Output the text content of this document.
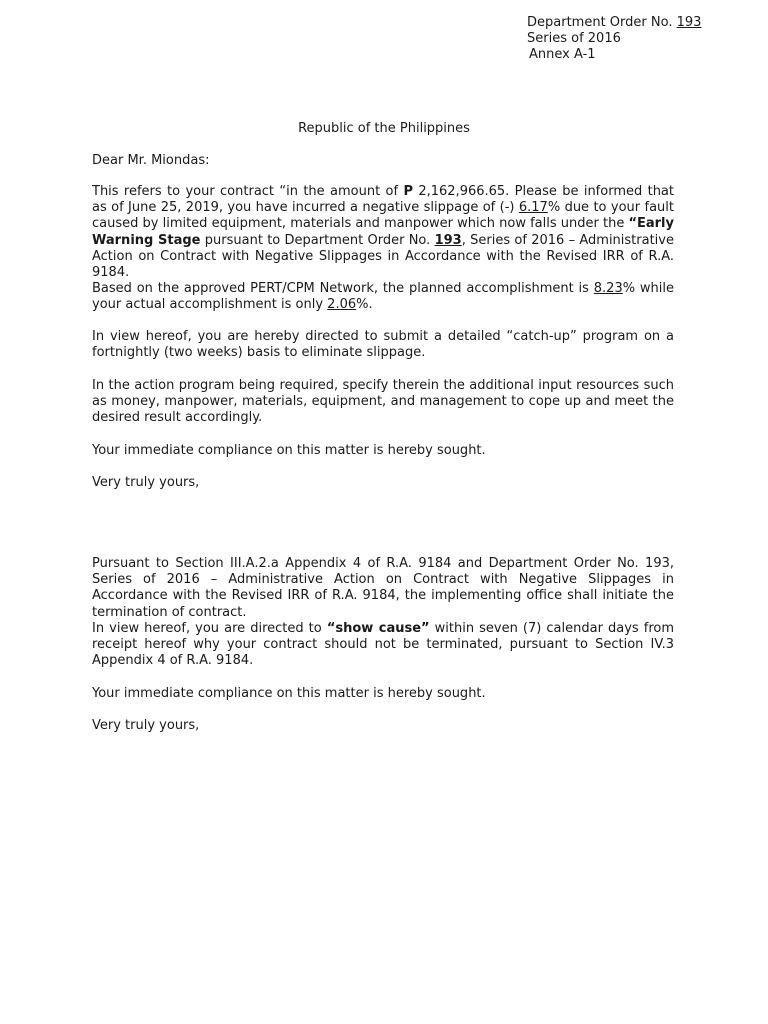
Department Order No. 193
Series of 2016
Annex A-1
Republic of the Philippines

Dear Mr. Miondas:

This refers to your contract “in the amount of P 2,162,966.65. Please be informed that as of June 25, 2019, you have incurred a negative slippage of (-) 6.17% due to your fault caused by limited equipment, materials and manpower which now falls under the “Early Warning Stage pursuant to Department Order No. 193, Series of 2016 – Administrative Action on Contract with Negative Slippages in Accordance with the Revised IRR of R.A. 9184.

Based on the approved PERT/CPM Network, the planned accomplishment is 8.23% while your actual accomplishment is only 2.06%.

In view hereof, you are hereby directed to submit a detailed “catch-up” program on a fortnightly (two weeks) basis to eliminate slippage.

In the action program being required, specify therein the additional input resources such as money, manpower, materials, equipment, and management to cope up and meet the desired result accordingly.

Your immediate compliance on this matter is hereby sought.

Very truly yours,

Pursuant to Section III.A.2.a Appendix 4 of R.A. 9184 and Department Order No. 193, Series of 2016 – Administrative Action on Contract with Negative Slippages in Accordance with the Revised IRR of R.A. 9184, the implementing office shall initiate the termination of contract.

In view hereof, you are directed to “show cause” within seven (7) calendar days from receipt hereof why your contract should not be terminated, pursuant to Section IV.3 Appendix 4 of R.A. 9184.

Your immediate compliance on this matter is hereby sought.

Very truly yours,
